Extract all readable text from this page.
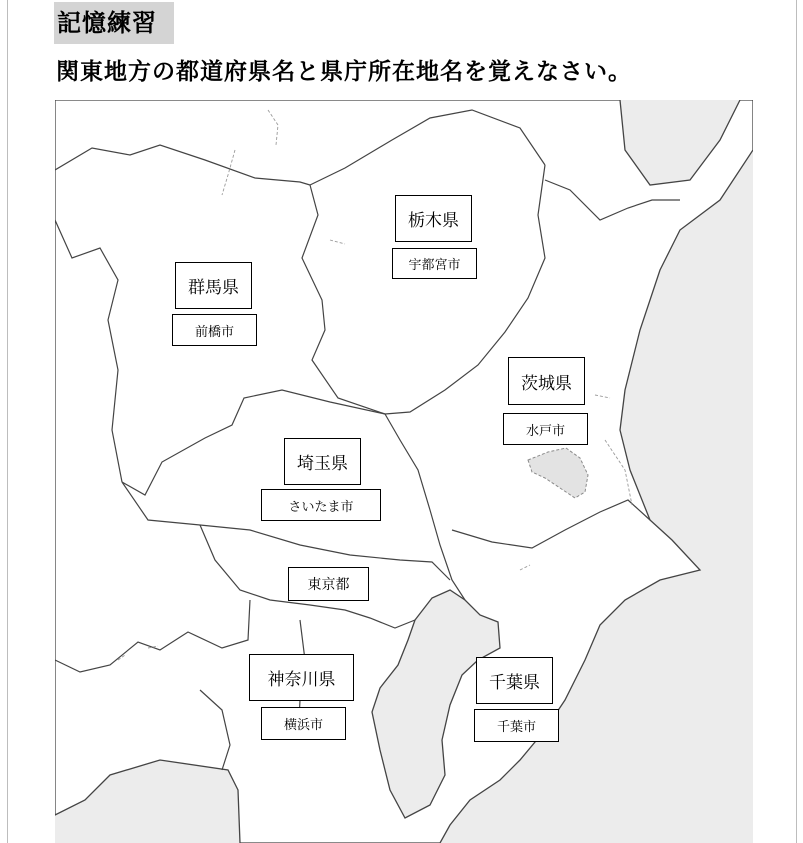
記憶練習
関東地方の都道府県名と県庁所在地名を覚えなさい。
栃木県
宇都宮市
群馬県
前橋市
茨城県
水戸市
埼玉県
さいたま市
東京都
神奈川県
横浜市
千葉県
千葉市
